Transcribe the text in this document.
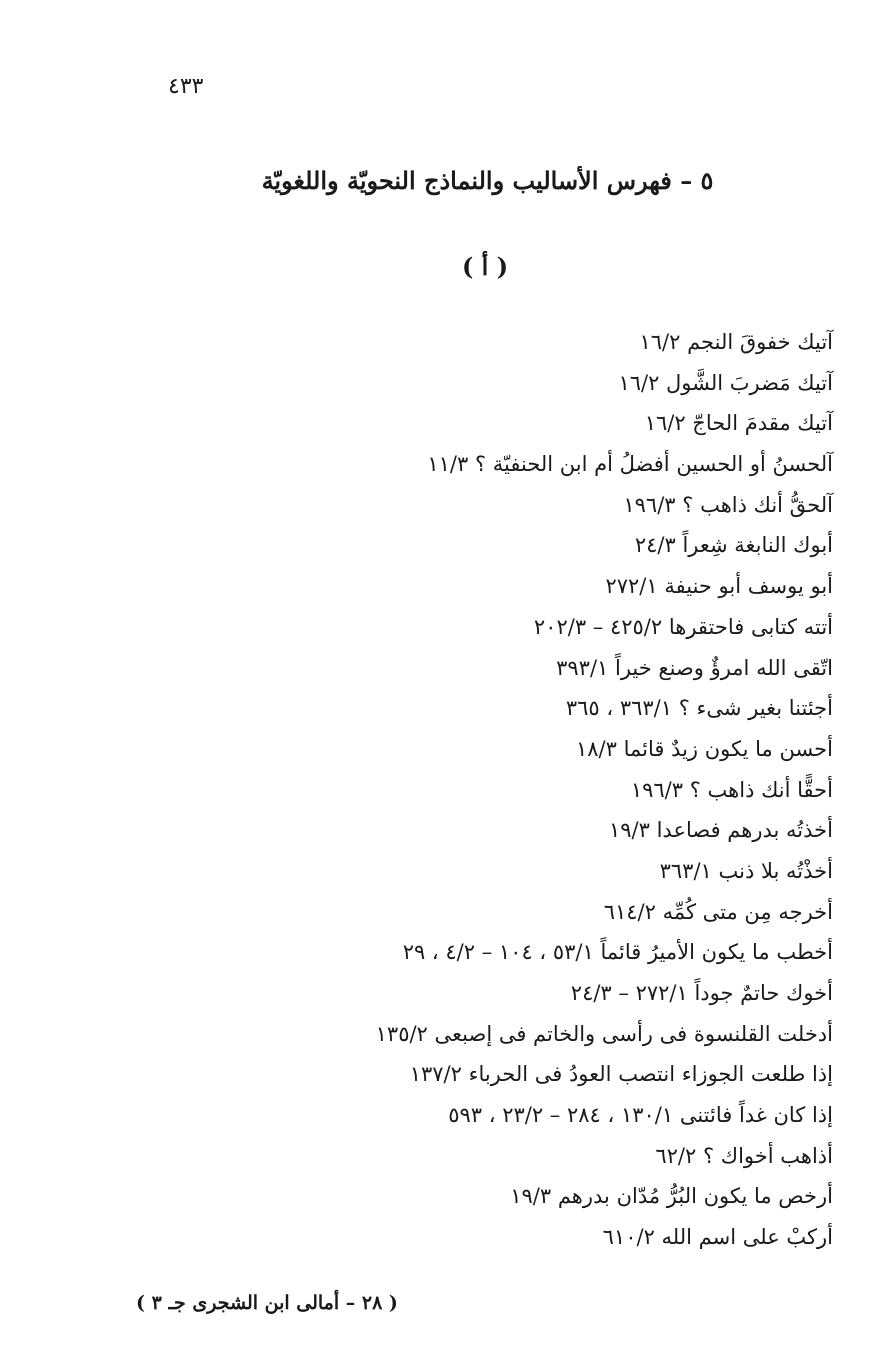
٤٣٣
٥ – فهرس الأساليب والنماذج النحويّة واللغويّة
( أ )
آتيك خفوقَ النجم ١٦/٢
آتيك مَضربَ الشَّول ١٦/٢
آتيك مقدمَ الحاجّ ١٦/٢
آلحسنُ أو الحسين أفضلُ أم ابن الحنفيّة ؟ ١١/٣
آلحقُّ أنك ذاهب ؟ ١٩٦/٣
أبوك النابغة شِعراً ٢٤/٣
أبو يوسف أبو حنيفة ٢٧٢/١
أتته كتابى فاحتقرها ٤٢٥/٢ – ٢٠٢/٣
اتّقى الله امرؤٌ وصنع خيراً ٣٩٣/١
أجئتنا بغير شىء ؟ ٣٦٣/١ ، ٣٦٥
أحسن ما يكون زيدٌ قائما ١٨/٣
أحقًّا أنك ذاهب ؟ ١٩٦/٣
أخذتُه بدرهم فصاعدا ١٩/٣
أخذْتُه بلا ذنب ٣٦٣/١
أخرجه مِن متى كُمِّه ٦١٤/٢
أخطب ما يكون الأميرُ قائماً ٥٣/١ ، ١٠٤ – ٤/٢ ، ٢٩
أخوك حاتمٌ جوداً ٢٧٢/١ – ٢٤/٣
أدخلت القلنسوة فى رأسى والخاتم فى إصبعى ١٣٥/٢
إذا طلعت الجوزاء انتصب العودُ فى الحرباء ١٣٧/٢
إذا كان غداً فائتنى ١٣٠/١ ، ٢٨٤ – ٢٣/٢ ، ٥٩٣
أذاهب أخواك ؟ ٦٢/٢
أرخص ما يكون البُرُّ مُدّان بدرهم ١٩/٣
أركبْ على اسم الله ٦١٠/٢
( ٢٨ – أمالى ابن الشجرى جـ ٣ )
